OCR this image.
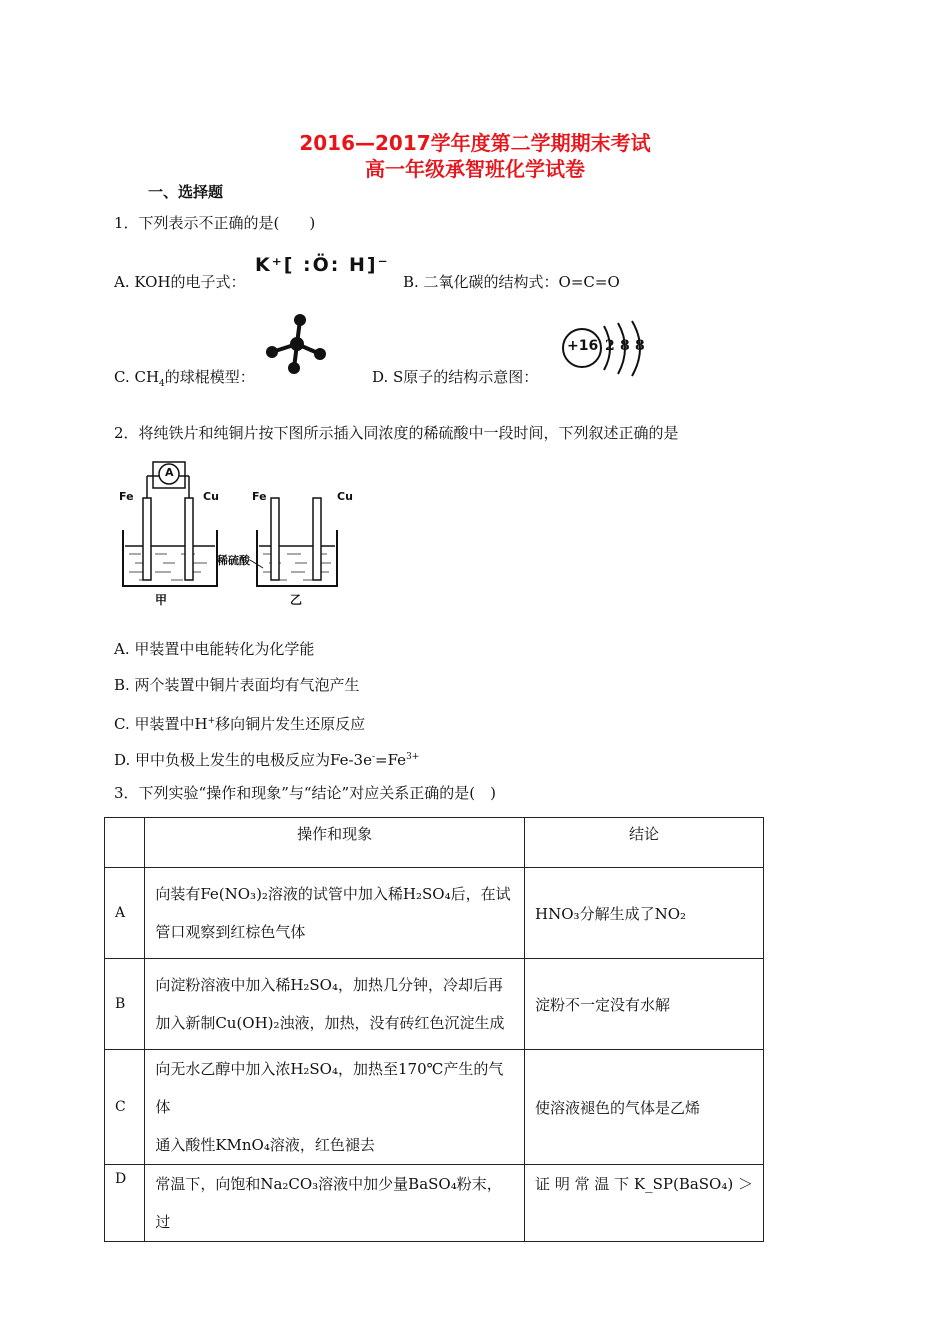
2016—2017学年度第二学期期末考试
高一年级承智班化学试卷
一、选择题
1．下列表示不正确的是(　　)
A. KOH的电子式：
K⁺[ :Ö: H]⁻
B. 二氧化碳的结构式：O=C=O
C. $CH_4$的球棍模型：	D. S原子的结构示意图：
+16 2 8 8
2．将纯铁片和纯铜片按下图所示插入同浓度的稀硫酸中一段时间，下列叙述正确的是
A
Fe	Cu	Fe	Cu
稀硫酸
甲	乙
A. 甲装置中电能转化为化学能
B. 两个装置中铜片表面均有气泡产生
C. 甲装置中H+移向铜片发生还原反应
D. 甲中负极上发生的电极反应为$Fe-3e^-=Fe^{3+}$
3．下列实验“操作和现象”与“结论”对应关系正确的是(　)
	操作和现象	结论
A	向装有Fe(NO₃)₂溶液的试管中加入稀H₂SO₄后，在试
管口观察到红棕色气体	HNO₃分解生成了NO₂
B	向淀粉溶液中加入稀H₂SO₄，加热几分钟，冷却后再
加入新制Cu(OH)₂浊液，加热，没有砖红色沉淀生成	淀粉不一定没有水解
C	向无水乙醇中加入浓H₂SO₄，加热至170℃产生的气体
通入酸性KMnO₄溶液，红色褪去	使溶液褪色的气体是乙烯
D	常温下，向饱和Na₂CO₃溶液中加少量BaSO₄粉末，过	证 明 常 温 下 K_SP(BaSO₄) ＞
